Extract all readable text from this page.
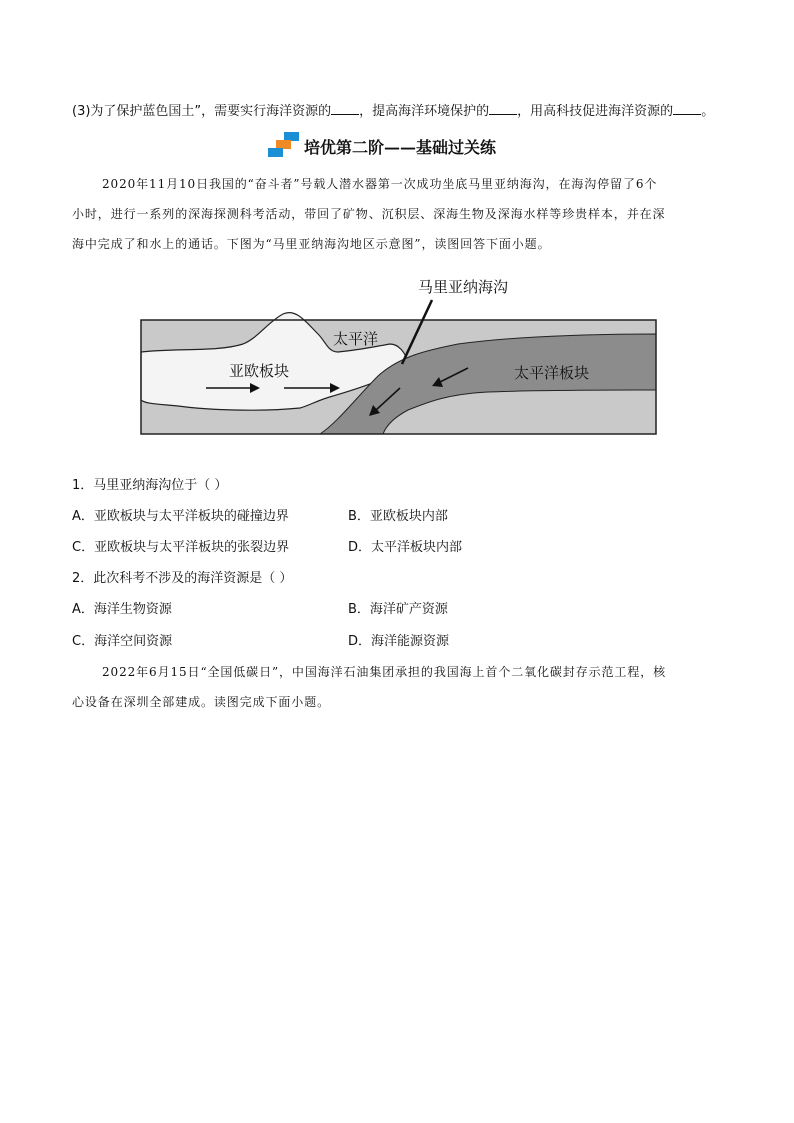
(3)为了保护蓝色国土”，需要实行海洋资源的 ，提高海洋环境保护的 ，用高科技促进海洋资源的 。
培优第二阶——基础过关练
2020年11月10日我国的“奋斗者”号载人潜水器第一次成功坐底马里亚纳海沟，在海沟停留了6个
小时，进行一系列的深海探测科考活动，带回了矿物、沉积层、深海生物及深海水样等珍贵样本，并在深
海中完成了和水上的通话。下图为“马里亚纳海沟地区示意图”，读图回答下面小题。
马里亚纳海沟
太平洋
亚欧板块	太平洋板块
1．马里亚纳海沟位于（ ）
A．亚欧板块与太平洋板块的碰撞边界	B．亚欧板块内部
C．亚欧板块与太平洋板块的张裂边界	D．太平洋板块内部
2．此次科考不涉及的海洋资源是（ ）
A．海洋生物资源	B．海洋矿产资源
C．海洋空间资源	D．海洋能源资源
2022年6月15日“全国低碳日”，中国海洋石油集团承担的我国海上首个二氧化碳封存示范工程，核
心设备在深圳全部建成。读图完成下面小题。
